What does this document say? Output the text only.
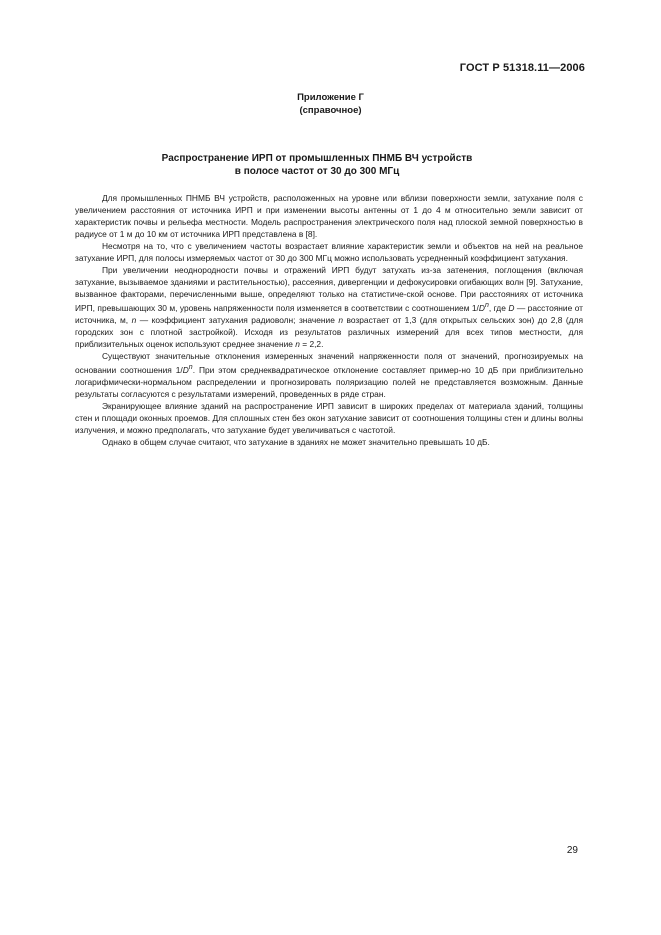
ГОСТ Р 51318.11—2006
Приложение Г
(справочное)
Распространение ИРП от промышленных ПНМБ ВЧ устройств
в полосе частот от 30 до 300 МГц

Для промышленных ПНМБ ВЧ устройств, расположенных на уровне или вблизи поверхности земли, затухание поля с увеличением расстояния от источника ИРП и при изменении высоты антенны от 1 до 4 м относительно земли зависит от характеристик почвы и рельефа местности. Модель распространения электрического поля над плоской земной поверхностью в радиусе от 1 м до 10 км от источника ИРП представлена в [8].

Несмотря на то, что с увеличением частоты возрастает влияние характеристик земли и объектов на ней на реальное затухание ИРП, для полосы измеряемых частот от 30 до 300 МГц можно использовать усредненный коэффициент затухания.

При увеличении неоднородности почвы и отражений ИРП будут затухать из-за затенения, поглощения (включая затухание, вызываемое зданиями и растительностью), рассеяния, дивергенции и дефокусировки огибающих волн [9]. Затухание, вызванное факторами, перечисленными выше, определяют только на статистиче-ской основе. При расстояниях от источника ИРП, превышающих 30 м, уровень напряженности поля изменяется в соответствии с соотношением $1/D^n$, где D — расстояние от источника, м, n — коэффициент затухания радиоволн; значение n возрастает от 1,3 (для открытых сельских зон) до 2,8 (для городских зон с плотной застройкой). Исходя из результатов различных измерений для всех типов местности, для приблизительных оценок используют среднее значение n = 2,2.

Существуют значительные отклонения измеренных значений напряженности поля от значений, прогнозируемых на основании соотношения $1/D^n$. При этом среднеквадратическое отклонение составляет пример-но 10 дБ при приблизительно логарифмически-нормальном распределении и прогнозировать поляризацию полей не представляется возможным. Данные результаты согласуются с результатами измерений, проведенных в ряде стран.

Экранирующее влияние зданий на распространение ИРП зависит в широких пределах от материала зданий, толщины стен и площади оконных проемов. Для сплошных стен без окон затухание зависит от соотношения толщины стен и длины волны излучения, и можно предполагать, что затухание будет увеличиваться с частотой.

Однако в общем случае считают, что затухание в зданиях не может значительно превышать 10 дБ.

29
